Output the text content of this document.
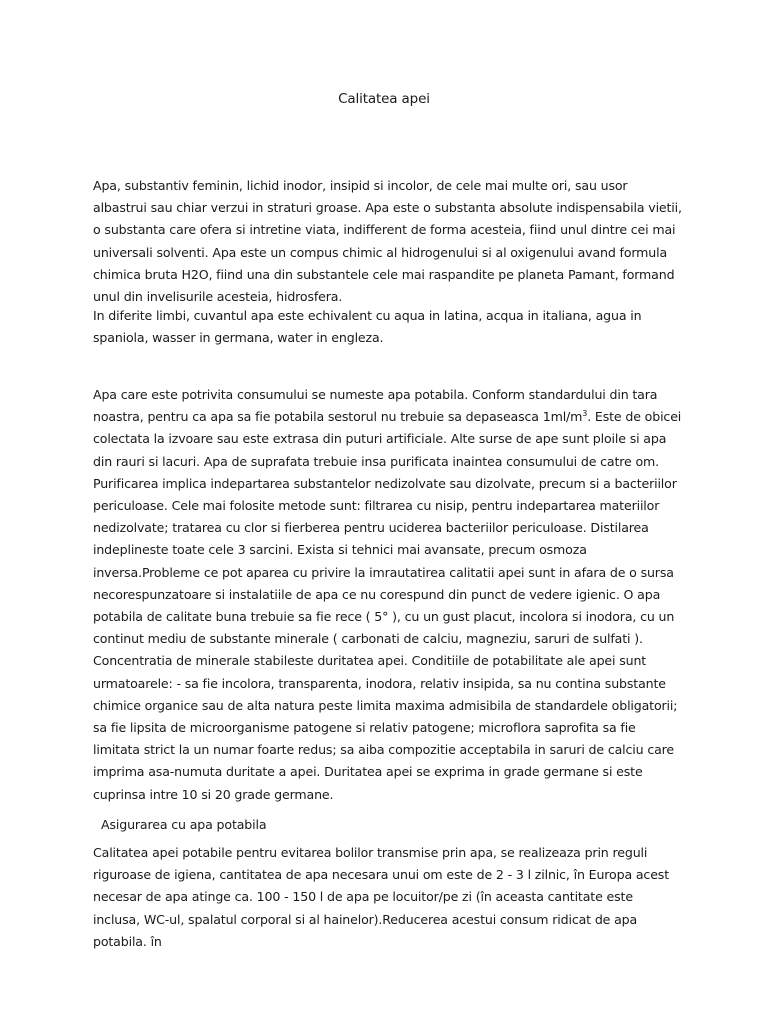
Calitatea apei

Apa, substantiv feminin, lichid inodor, insipid si incolor, de cele mai multe ori, sau usor albastrui sau chiar verzui in straturi groase. Apa este o substanta absolute indispensabila vietii, o substanta care ofera si intretine viata, indifferent de forma acesteia, fiind unul dintre cei mai universali solventi. Apa este un compus chimic al hidrogenului si al oxigenului avand formula chimica bruta H2O, fiind una din substantele cele mai raspandite pe planeta Pamant, formand unul din invelisurile acesteia, hidrosfera.

In diferite limbi, cuvantul apa este echivalent cu aqua in latina, acqua in italiana, agua in spaniola, wasser in germana, water in engleza.

Apa care este potrivita consumului se numeste apa potabila. Conform standardului din tara noastra, pentru ca apa sa fie potabila sestorul nu trebuie sa depaseasca $1ml/m^3$. Este de obicei colectata la izvoare sau este extrasa din puturi artificiale. Alte surse de ape sunt ploile si apa din rauri si lacuri. Apa de suprafata trebuie insa purificata inaintea consumului de catre om. Purificarea implica indepartarea substantelor nedizolvate sau dizolvate, precum si a bacteriilor periculoase. Cele mai folosite metode sunt: filtrarea cu nisip, pentru indepartarea materiilor nedizolvate; tratarea cu clor si fierberea pentru uciderea bacteriilor periculoase. Distilarea indeplineste toate cele 3 sarcini. Exista si tehnici mai avansate, precum osmoza inversa.Probleme ce pot aparea cu privire la imrautatirea calitatii apei sunt in afara de o sursa necorespunzatoare si instalatiile de apa ce nu corespund din punct de vedere igienic. O apa potabila de calitate buna trebuie sa fie rece ( 5° ), cu un gust placut, incolora si inodora, cu un continut mediu de substante minerale ( carbonati de calciu, magneziu, saruri de sulfati ). Concentratia de minerale stabileste duritatea apei. Conditiile de potabilitate ale apei sunt urmatoarele: - sa fie incolora, transparenta, inodora, relativ insipida, sa nu contina substante chimice organice sau de alta natura peste limita maxima admisibila de standardele obligatorii; sa fie lipsita de microorganisme patogene si relativ patogene; microflora saprofita sa fie limitata strict la un numar foarte redus; sa aiba compozitie acceptabila in saruri de calciu care imprima asa-numuta duritate a apei. Duritatea apei se exprima in grade germane si este cuprinsa intre 10 si 20 grade germane.

Asigurarea cu apa potabila

Calitatea apei potabile pentru evitarea bolilor transmise prin apa, se realizeaza prin reguli riguroase de igiena, cantitatea de apa necesara unui om este de 2 - 3 l zilnic, în Europa acest necesar de apa atinge ca. 100 - 150 l de apa pe locuitor/pe zi (în aceasta cantitate este inclusa, WC-ul, spalatul corporal si al hainelor).Reducerea acestui consum ridicat de apa potabila. în
